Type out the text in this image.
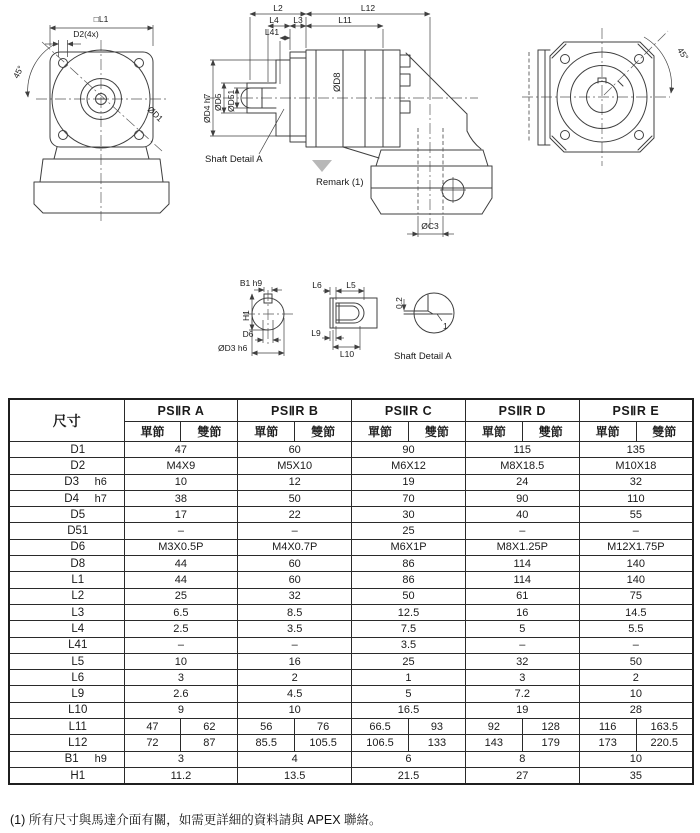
□L1
D2(4x)
45°
ØD1
ØD8
L2	L12
L4 L3	L11
L41
ØD4 h7 ØD5 ØD51
Shaft Detail A
Remark (1)
ØC3
45°
B1 h9
H1
D6
ØD3 h6
L6	L5
L9
L10
0.2
1
Shaft Detail A
尺寸	PSⅡR A		PSⅡR B		PSⅡR C		PSⅡR D		PSⅡR E	
	單節	雙節	單節	雙節	單節	雙節	單節	雙節	單節	雙節
D1	47		60		90		115		135	
D2	M4X9		M5X10		M6X12		M8X18.5		M10X18	
D3 h6	10		12		19		24		32	
D4 h7	38		50		70		90		110	
D5	17		22		30		40		55	
D51	–		–		25		–		–	
D6	M3X0.5P		M4X0.7P		M6X1P		M8X1.25P		M12X1.75P	
D8	44		60		86		114		140	
L1	44		60		86		114		140	
L2	25		32		50		61		75	
L3	6.5		8.5		12.5		16		14.5	
L4	2.5		3.5		7.5		5		5.5	
L41	–		–		3.5		–		–	
L5	10		16		25		32		50	
L6	3		2		1		3		2	
L9	2.6		4.5		5		7.2		10	
L10	9		10		16.5		19		28	
L11	47	62	56	76	66.5	93	92	128	116	163.5
L12	72	87	85.5	105.5	106.5	133	143	179	173	220.5
B1 h9	3		4		6		8		10	
H1	11.2		13.5		21.5		27		35	
(1) 所有尺寸與馬達介面有關，如需更詳細的資料請與 APEX 聯絡。
